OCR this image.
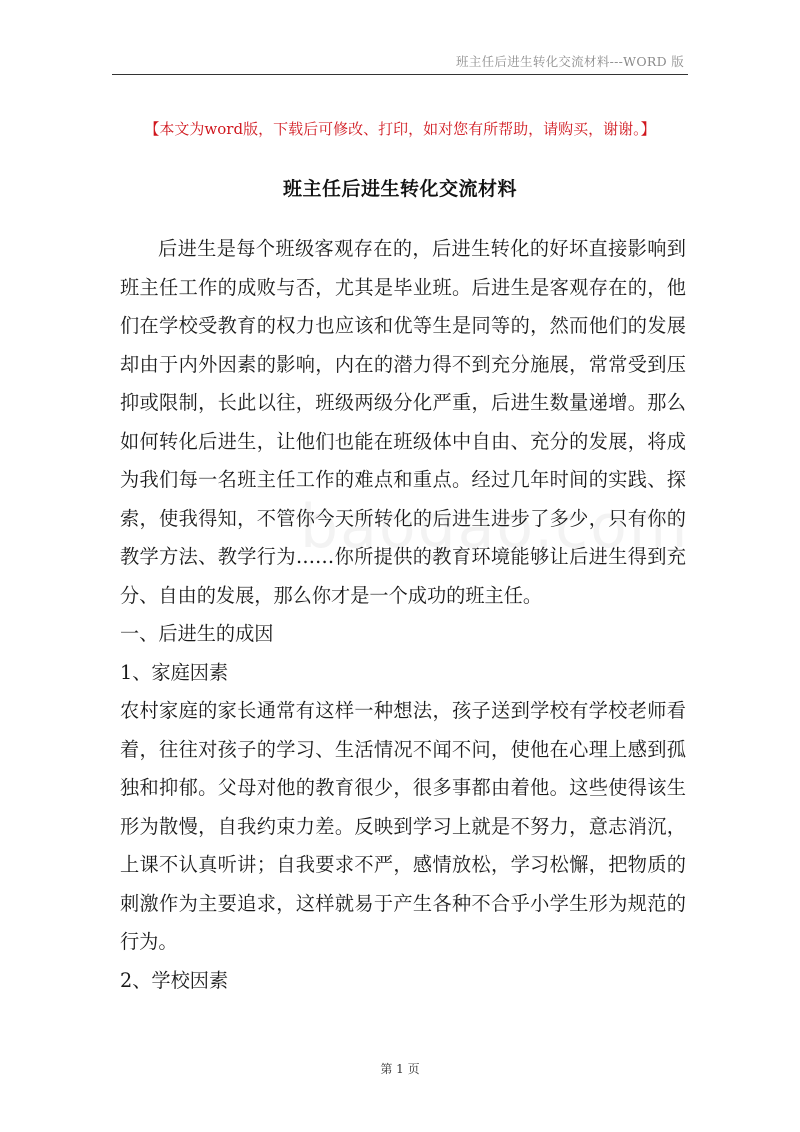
班主任后进生转化交流材料---WORD 版
【本文为word版，下载后可修改、打印，如对您有所帮助，请购买，谢谢。】
班主任后进生转化交流材料

后进生是每个班级客观存在的，后进生转化的好坏直接影响到班主任工作的成败与否，尤其是毕业班。后进生是客观存在的，他们在学校受教育的权力也应该和优等生是同等的，然而他们的发展却由于内外因素的影响，内在的潜力得不到充分施展，常常受到压抑或限制，长此以往，班级两级分化严重，后进生数量递增。那么如何转化后进生，让他们也能在班级体中自由、充分的发展，将成为我们每一名班主任工作的难点和重点。经过几年时间的实践、探索，使我得知，不管你今天所转化的后进生进步了多少，只有你的教学方法、教学行为……你所提供的教育环境能够让后进生得到充分、自由的发展，那么你才是一个成功的班主任。

一、后进生的成因

1、家庭因素

农村家庭的家长通常有这样一种想法，孩子送到学校有学校老师看着，往往对孩子的学习、生活情况不闻不问，使他在心理上感到孤独和抑郁。父母对他的教育很少，很多事都由着他。这些使得该生形为散慢，自我约束力差。反映到学习上就是不努力，意志消沉，上课不认真听讲；自我要求不严，感情放松，学习松懈，把物质的刺激作为主要追求，这样就易于产生各种不合乎小学生形为规范的行为。

2、学校因素

第 1 页
